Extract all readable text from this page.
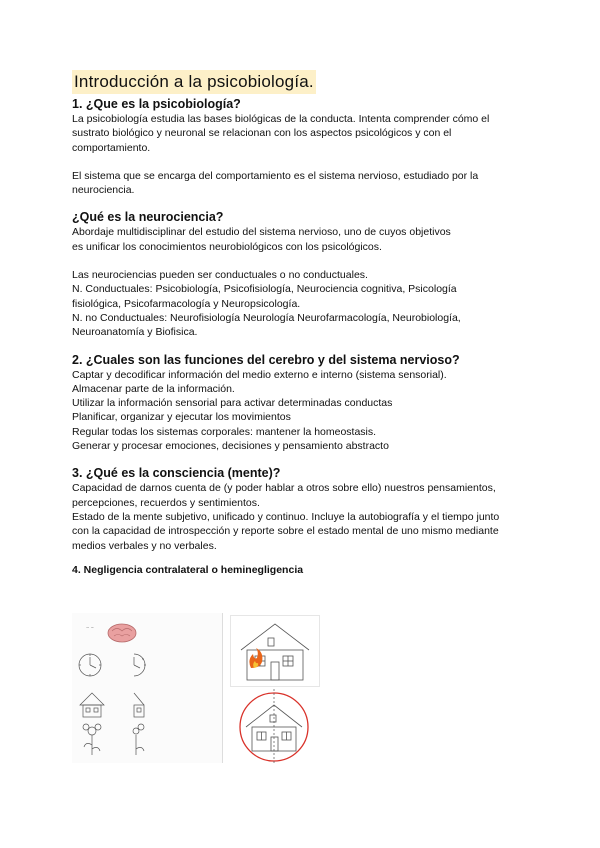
Introducción a la psicobiología.
1. ¿Que es la psicobiología?

La psicobiología estudia las bases biológicas de la conducta. Intenta comprender cómo el

sustrato biológico y neuronal se relacionan con los aspectos psicológicos y con el

comportamiento.

El sistema que se encarga del comportamiento es el sistema nervioso, estudiado por la

neurociencia.

¿Qué es la neurociencia?

Abordaje multidisciplinar del estudio del sistema nervioso, uno de cuyos objetivos

es unificar los conocimientos neurobiológicos con los psicológicos.

Las neurociencias pueden ser conductuales o no conductuales.

N. Conductuales: Psicobiología, Psicofisiología, Neurociencia cognitiva, Psicología

fisiológica, Psicofarmacología y Neuropsicología.

N. no Conductuales: Neurofisiología Neurología Neurofarmacología, Neurobiología,

Neuroanatomía y Biofisica.

2. ¿Cuales son las funciones del cerebro y del sistema nervioso?

Captar y decodificar información del medio externo e interno (sistema sensorial).

Almacenar parte de la información.

Utilizar la información sensorial para activar determinadas conductas

Planificar, organizar y ejecutar los movimientos

Regular todas los sistemas corporales: mantener la homeostasis.

Generar y procesar emociones, decisiones y pensamiento abstracto

3. ¿Qué es la consciencia (mente)?

Capacidad de darnos cuenta de (y poder hablar a otros sobre ello) nuestros pensamientos,

percepciones, recuerdos y sentimientos.

Estado de la mente subjetivo, unificado y continuo. Incluye la autobiografía y el tiempo junto

con la capacidad de introspección y reporte sobre el estado mental de uno mismo mediante

medios verbales y no verbales.

4. Negligencia contralateral o heminegligencia
~ ~
